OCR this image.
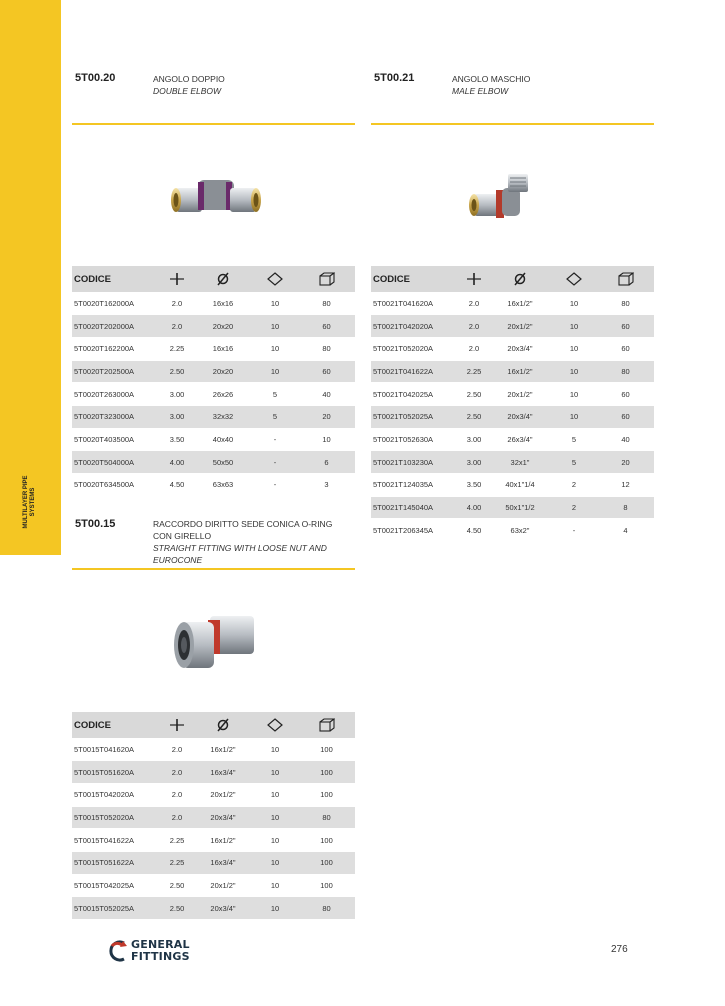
MULTILAYER PIPE SYSTEMS
5T00.20	ANGOLO DOPPIO
DOUBLE ELBOW
5T00.21	ANGOLO MASCHIO
MALE ELBOW
CODICE	

5T0020T162000A	2.0	16x16	10	80
5T0020T202000A	2.0	20x20	10	60
5T0020T162200A	2.25	16x16	10	80
5T0020T202500A	2.50	20x20	10	60
5T0020T263000A	3.00	26x26	5	40
5T0020T323000A	3.00	32x32	5	20
5T0020T403500A	3.50	40x40	-	10
5T0020T504000A	4.00	50x50	-	6
5T0020T634500A	4.50	63x63	-	3
CODICE	

5T0021T041620A	2.0	16x1/2"	10	80
5T0021T042020A	2.0	20x1/2"	10	60
5T0021T052020A	2.0	20x3/4"	10	60
5T0021T041622A	2.25	16x1/2"	10	80
5T0021T042025A	2.50	20x1/2"	10	60
5T0021T052025A	2.50	20x3/4"	10	60
5T0021T052630A	3.00	26x3/4"	5	40
5T0021T103230A	3.00	32x1"	5	20
5T0021T124035A	3.50	40x1"1/4	2	12
5T0021T145040A	4.00	50x1"1/2	2	8
5T0021T206345A	4.50	63x2"	-	4
5T00.15	RACCORDO DIRITTO SEDE CONICA O-RING CON GIRELLO
STRAIGHT FITTING WITH LOOSE NUT AND EUROCONE
CODICE	

5T0015T041620A	2.0	16x1/2"	10	100
5T0015T051620A	2.0	16x3/4"	10	100
5T0015T042020A	2.0	20x1/2"	10	100
5T0015T052020A	2.0	20x3/4"	10	80
5T0015T041622A	2.25	16x1/2"	10	100
5T0015T051622A	2.25	16x3/4"	10	100
5T0015T042025A	2.50	20x1/2"	10	100
5T0015T052025A	2.50	20x3/4"	10	80
GENERAL
FITTINGS
276
